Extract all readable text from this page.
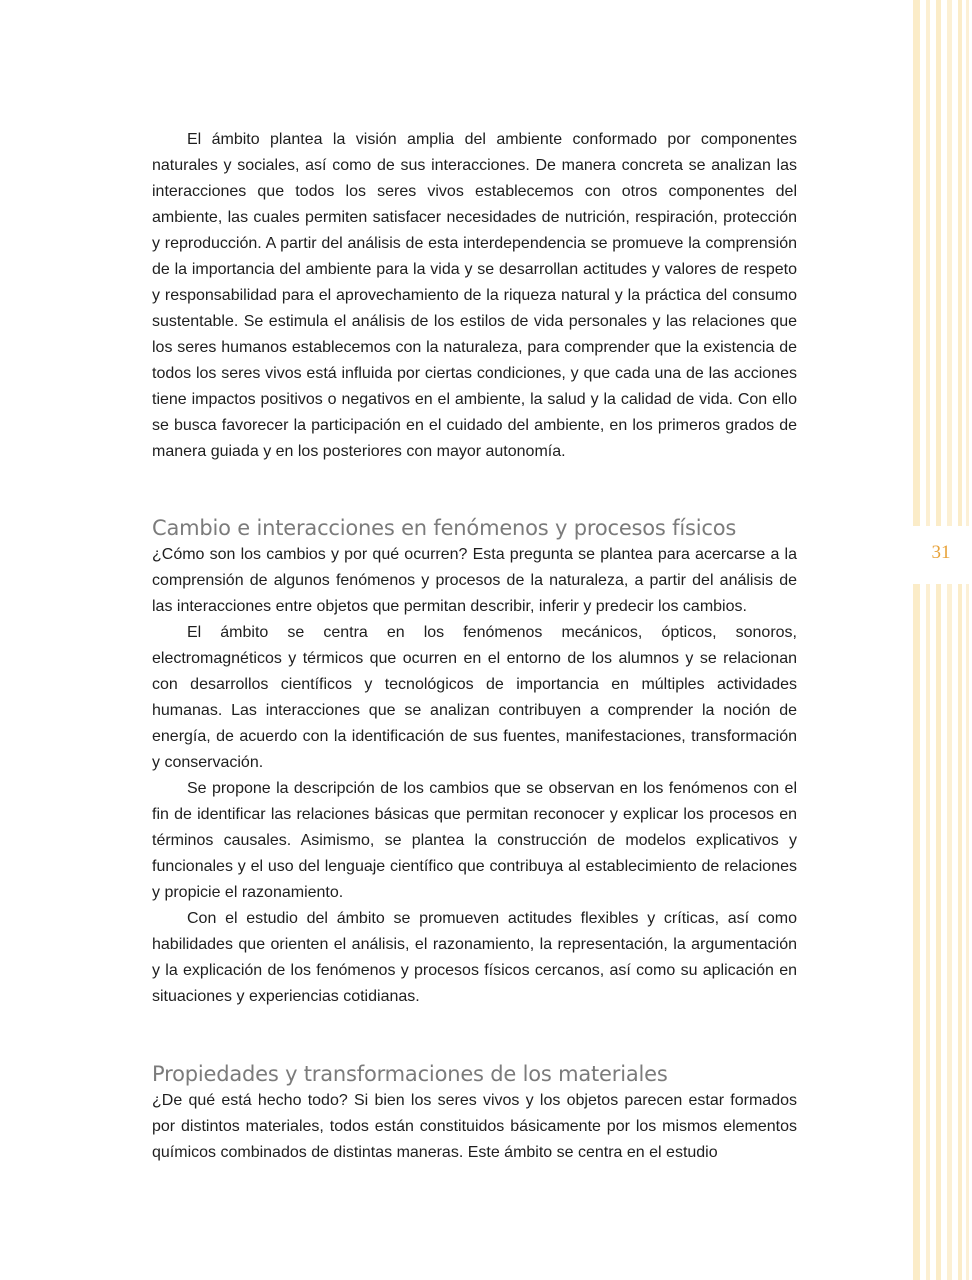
31

El ámbito plantea la visión amplia del ambiente conformado por componentes naturales y sociales, así como de sus interacciones. De manera concreta se analizan las interacciones que todos los seres vivos establecemos con otros componentes del ambiente, las cuales permiten satisfacer necesidades de nutrición, respiración, protección y reproducción. A partir del análisis de esta interdependencia se promueve la comprensión de la importancia del ambiente para la vida y se desarrollan actitudes y valores de respeto y responsabilidad para el aprovechamiento de la riqueza natural y la práctica del consumo sustentable. Se estimula el análisis de los estilos de vida personales y las relaciones que los seres humanos establecemos con la naturaleza, para comprender que la existencia de todos los seres vivos está influida por ciertas condiciones, y que cada una de las acciones tiene impactos positivos o negativos en el ambiente, la salud y la calidad de vida. Con ello se busca favorecer la participación en el cuidado del ambiente, en los primeros grados de manera guiada y en los posteriores con mayor autonomía.

Cambio e interacciones en fenómenos y procesos físicos

¿Cómo son los cambios y por qué ocurren? Esta pregunta se plantea para acercarse a la comprensión de algunos fenómenos y procesos de la naturaleza, a partir del análisis de las interacciones entre objetos que permitan describir, inferir y predecir los cambios.

El ámbito se centra en los fenómenos mecánicos, ópticos, sonoros, electromagnéticos y térmicos que ocurren en el entorno de los alumnos y se relacionan con desarrollos científicos y tecnológicos de importancia en múltiples actividades humanas. Las interacciones que se analizan contribuyen a comprender la noción de energía, de acuerdo con la identificación de sus fuentes, manifestaciones, transformación y conservación.

Se propone la descripción de los cambios que se observan en los fenómenos con el fin de identificar las relaciones básicas que permitan reconocer y explicar los procesos en términos causales. Asimismo, se plantea la construcción de modelos explicativos y funcionales y el uso del lenguaje científico que contribuya al establecimiento de relaciones y propicie el razonamiento.

Con el estudio del ámbito se promueven actitudes flexibles y críticas, así como habilidades que orienten el análisis, el razonamiento, la representación, la argumentación y la explicación de los fenómenos y procesos físicos cercanos, así como su aplicación en situaciones y experiencias cotidianas.

Propiedades y transformaciones de los materiales

¿De qué está hecho todo? Si bien los seres vivos y los objetos parecen estar formados por distintos materiales, todos están constituidos básicamente por los mismos elementos químicos combinados de distintas maneras. Este ámbito se centra en el estudio
